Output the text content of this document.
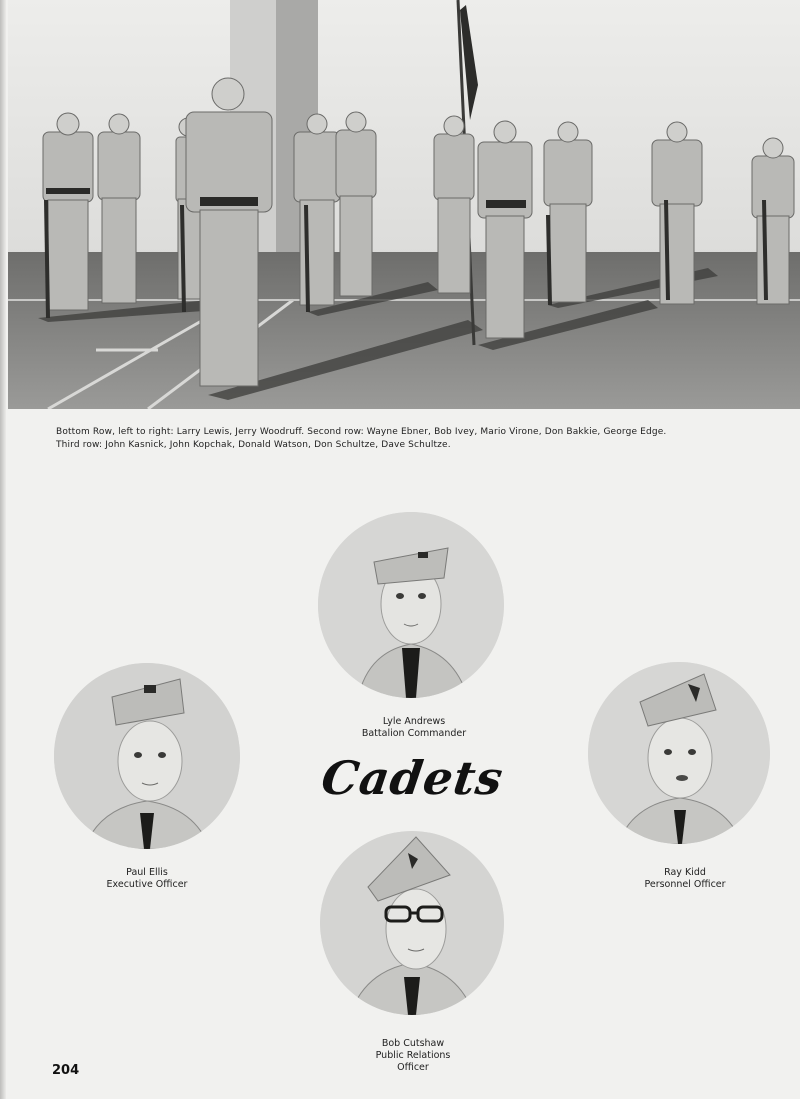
Bottom Row, left to right: Larry Lewis, Jerry Woodruff. Second row: Wayne Ebner, Bob Ivey, Mario Virone, Don Bakkie, George Edge.

Third row: John Kasnick, John Kopchak, Donald Watson, Don Schultze, Dave Schultze.

Lyle Andrews
Battalion Commander
Paul Ellis
Executive Officer
Cadets
Ray Kidd
Personnel Officer
Bob Cutshaw
Public Relations
Officer
204
